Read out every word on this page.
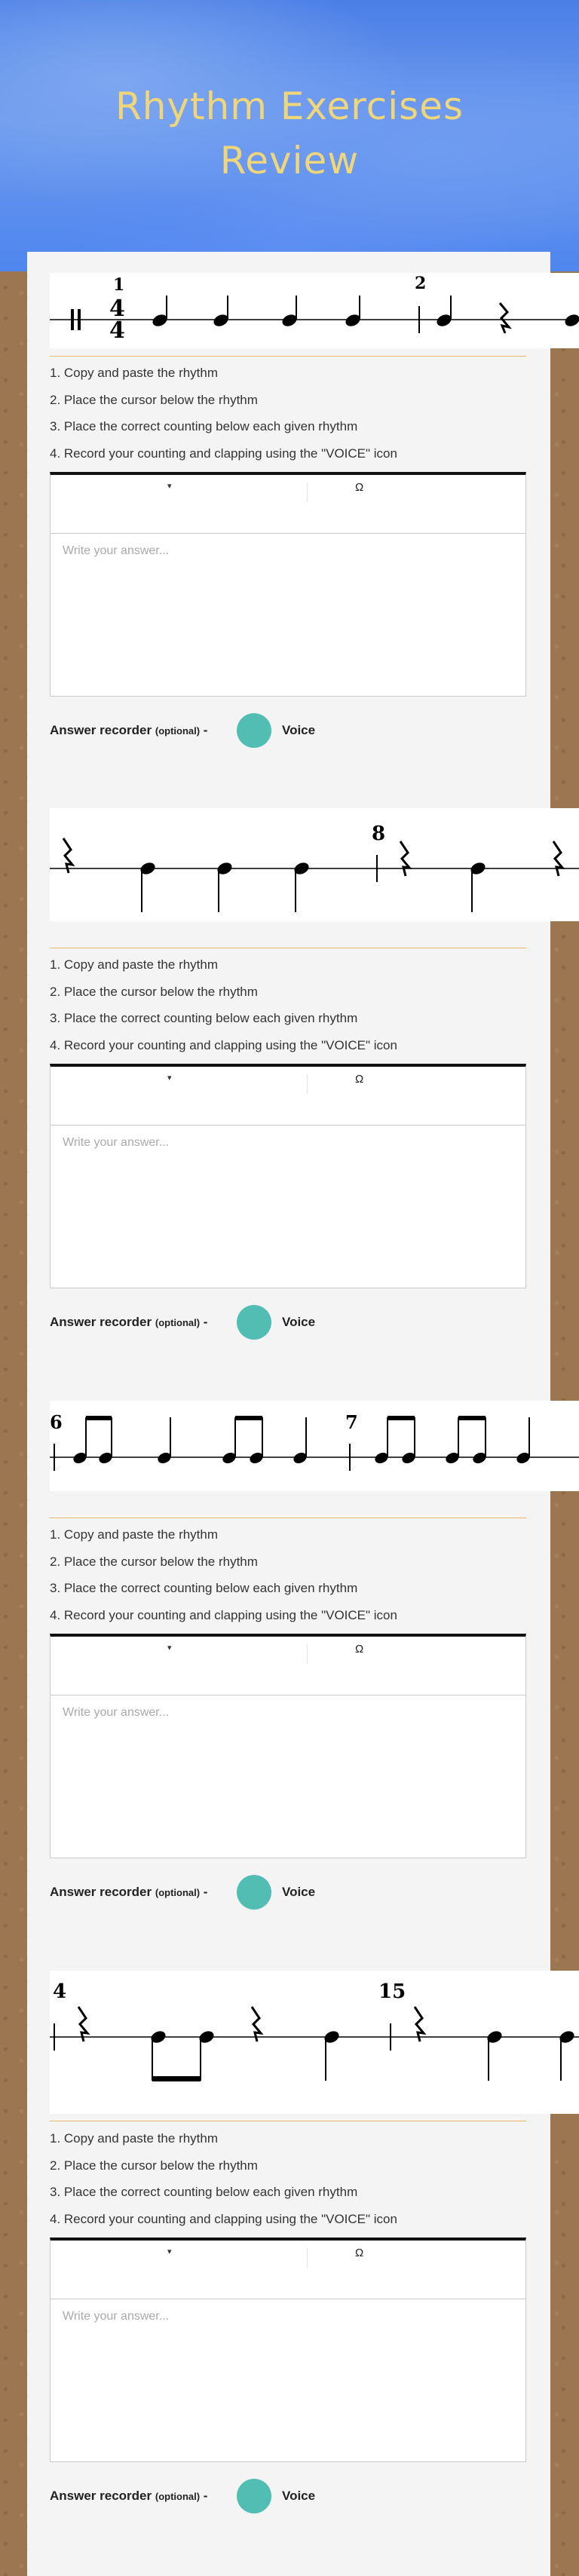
Rhythm Exercises
Review
1
4
4
2
1. Copy and paste the rhythm
2. Place the cursor below the rhythm
3. Place the correct counting below each given rhythm
4. Record your counting and clapping using the "VOICE" icon
▾	Ω
Write your answer...
Answer recorder (optional) -	Voice
8
1. Copy and paste the rhythm
2. Place the cursor below the rhythm
3. Place the correct counting below each given rhythm
4. Record your counting and clapping using the "VOICE" icon
▾	Ω
Write your answer...
Answer recorder (optional) -	Voice
6	7
1. Copy and paste the rhythm
2. Place the cursor below the rhythm
3. Place the correct counting below each given rhythm
4. Record your counting and clapping using the "VOICE" icon
▾	Ω
Write your answer...
Answer recorder (optional) -	Voice
4	15
1. Copy and paste the rhythm
2. Place the cursor below the rhythm
3. Place the correct counting below each given rhythm
4. Record your counting and clapping using the "VOICE" icon
▾	Ω
Write your answer...
Answer recorder (optional) -	Voice
